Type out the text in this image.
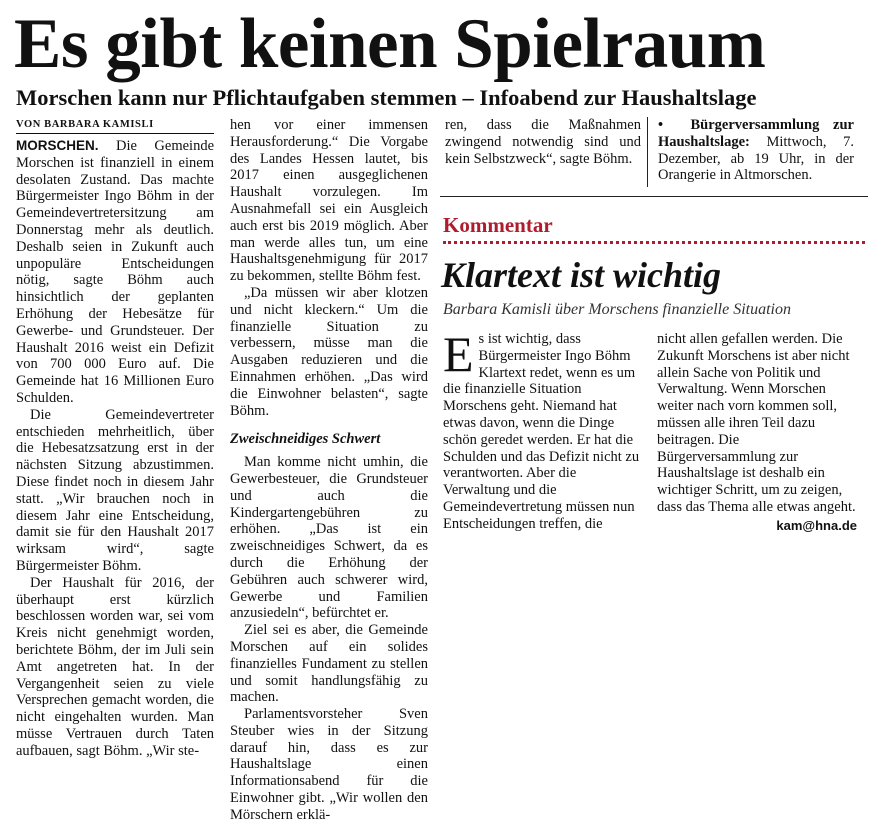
Es gibt keinen Spielraum
Morschen kann nur Pflichtaufgaben stemmen – Infoabend zur Haushaltslage
VON BARBARA KAMISLI

MORSCHEN. Die Gemeinde Morschen ist finanziell in einem desolaten Zustand. Das machte Bürgermeister Ingo Böhm in der Gemeindevertretersitzung am Donnerstag mehr als deutlich. Deshalb seien in Zukunft auch unpopuläre Entscheidungen nötig, sagte Böhm auch hinsichtlich der geplanten Erhöhung der Hebesätze für Gewerbe- und Grundsteuer. Der Haushalt 2016 weist ein Defizit von 700 000 Euro auf. Die Gemeinde hat 16 Millionen Euro Schulden.

Die Gemeindevertreter entschieden mehrheitlich, über die Hebesatzsatzung erst in der nächsten Sitzung abzustimmen. Diese findet noch in diesem Jahr statt. „Wir brauchen noch in diesem Jahr eine Entscheidung, damit sie für den Haushalt 2017 wirksam wird“, sagte Bürgermeister Böhm.

Der Haushalt für 2016, der überhaupt erst kürzlich beschlossen worden war, sei vom Kreis nicht genehmigt worden, berichtete Böhm, der im Juli sein Amt angetreten hat. In der Vergangenheit seien zu viele Versprechen gemacht worden, die nicht eingehalten wurden. Man müsse Vertrauen durch Taten aufbauen, sagt Böhm. „Wir ste-

hen vor einer immensen Herausforderung.“ Die Vorgabe des Landes Hessen lautet, bis 2017 einen ausgeglichenen Haushalt vorzulegen. Im Ausnahmefall sei ein Ausgleich auch erst bis 2019 möglich. Aber man werde alles tun, um eine Haushaltsgenehmigung für 2017 zu bekommen, stellte Böhm fest.

„Da müssen wir aber klotzen und nicht kleckern.“ Um die finanzielle Situation zu verbessern, müsse man die Ausgaben reduzieren und die Einnahmen erhöhen. „Das wird die Einwohner belasten“, sagte Böhm.

Zweischneidiges Schwert

Man komme nicht umhin, die Gewerbesteuer, die Grundsteuer und auch die Kindergartengebühren zu erhöhen. „Das ist ein zweischneidiges Schwert, da es durch die Erhöhung der Gebühren auch schwerer wird, Gewerbe und Familien anzusiedeln“, befürchtet er.

Ziel sei es aber, die Gemeinde Morschen auf ein solides finanzielles Fundament zu stellen und somit handlungsfähig zu machen.

Parlamentsvorsteher Sven Steuber wies in der Sitzung darauf hin, dass es zur Haushaltslage einen Informationsabend für die Einwohner gibt. „Wir wollen den Mörschern erklä-

ren, dass die Maßnahmen zwingend notwendig sind und kein Selbstzweck“, sagte Böhm.

• Bürgerversammlung zur Haushaltslage: Mittwoch, 7. Dezember, ab 19 Uhr, in der Orangerie in Altmorschen.

Kommentar
Klartext ist wichtig

Barbara Kamisli über Morschens finanzielle Situation

Es ist wichtig, dass Bürgermeister Ingo Böhm Klartext redet, wenn es um die finanzielle Situation Morschens geht. Niemand hat etwas davon, wenn die Dinge schön geredet werden. Er hat die Schulden und das Defizit nicht zu verantworten. Aber die Verwaltung und die Gemeindevertretung müssen nun Entscheidungen treffen, die

nicht allen gefallen werden. Die Zukunft Morschens ist aber nicht allein Sache von Politik und Verwaltung. Wenn Morschen weiter nach vorn kommen soll, müssen alle ihren Teil dazu beitragen. Die Bürgerversammlung zur Haushaltslage ist deshalb ein wichtiger Schritt, um zu zeigen, dass das Thema alle etwas angeht.

kam@hna.de
